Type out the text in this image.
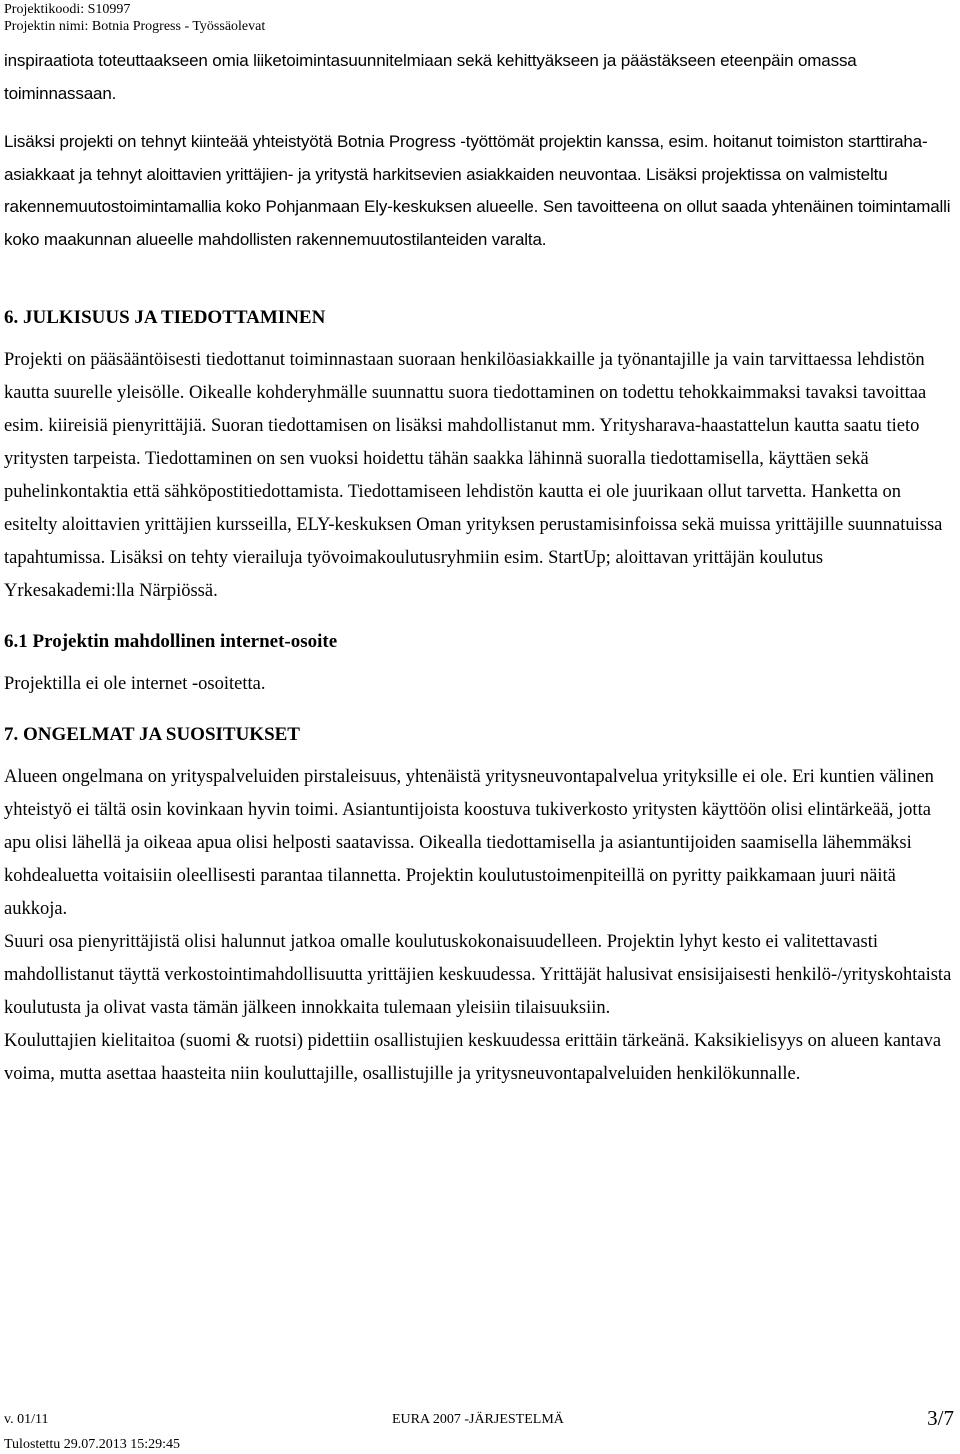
Projektikoodi: S10997
Projektin nimi: Botnia Progress - Työssäolevat

inspiraatiota toteuttaakseen omia liiketoimintasuunnitelmiaan sekä kehittyäkseen ja päästäkseen eteenpäin omassa toiminnassaan.

Lisäksi projekti on tehnyt kiinteää yhteistyötä Botnia Progress -työttömät projektin kanssa, esim. hoitanut toimiston starttiraha-asiakkaat ja tehnyt aloittavien yrittäjien- ja yritystä harkitsevien asiakkaiden neuvontaa. Lisäksi projektissa on valmisteltu rakennemuutostoimintamallia koko Pohjanmaan Ely-keskuksen alueelle. Sen tavoitteena on ollut saada yhtenäinen toimintamalli koko maakunnan alueelle mahdollisten rakennemuutostilanteiden varalta.

6. JULKISUUS JA TIEDOTTAMINEN

Projekti on pääsääntöisesti tiedottanut toiminnastaan suoraan henkilöasiakkaille ja työnantajille ja vain tarvittaessa lehdistön kautta suurelle yleisölle. Oikealle kohderyhmälle suunnattu suora tiedottaminen on todettu tehokkaimmaksi tavaksi tavoittaa esim. kiireisiä pienyrittäjiä. Suoran tiedottamisen on lisäksi mahdollistanut mm. Yritysharava-haastattelun kautta saatu tieto yritysten tarpeista. Tiedottaminen on sen vuoksi hoidettu tähän saakka lähinnä suoralla tiedottamisella, käyttäen sekä puhelinkontaktia että sähköpostitiedottamista. Tiedottamiseen lehdistön kautta ei ole juurikaan ollut tarvetta. Hanketta on esitelty aloittavien yrittäjien kursseilla, ELY-keskuksen Oman yrityksen perustamisinfoissa sekä muissa yrittäjille suunnatuissa tapahtumissa. Lisäksi on tehty vierailuja työvoimakoulutusryhmiin esim. StartUp; aloittavan yrittäjän koulutus Yrkesakademi:lla Närpiössä.

6.1 Projektin mahdollinen internet-osoite

Projektilla ei ole internet -osoitetta.

7. ONGELMAT JA SUOSITUKSET

Alueen ongelmana on yrityspalveluiden pirstaleisuus, yhtenäistä yritysneuvontapalvelua yrityksille ei ole. Eri kuntien välinen yhteistyö ei tältä osin kovinkaan hyvin toimi. Asiantuntijoista koostuva tukiverkosto yritysten käyttöön olisi elintärkeää, jotta apu olisi lähellä ja oikeaa apua olisi helposti saatavissa. Oikealla tiedottamisella ja asiantuntijoiden saamisella lähemmäksi kohdealuetta voitaisiin oleellisesti parantaa tilannetta. Projektin koulutustoimenpiteillä on pyritty paikkamaan juuri näitä aukkoja.

Suuri osa pienyrittäjistä olisi halunnut jatkoa omalle koulutuskokonaisuudelleen. Projektin lyhyt kesto ei valitettavasti mahdollistanut täyttä verkostointimahdollisuutta yrittäjien keskuudessa. Yrittäjät halusivat ensisijaisesti henkilö-/yrityskohtaista koulutusta ja olivat vasta tämän jälkeen innokkaita tulemaan yleisiin tilaisuuksiin.

Kouluttajien kielitaitoa (suomi & ruotsi) pidettiin osallistujien keskuudessa erittäin tärkeänä. Kaksikielisyys on alueen kantava voima, mutta asettaa haasteita niin kouluttajille, osallistujille ja yritysneuvontapalveluiden henkilökunnalle.

v. 01/11	EURA 2007 -JÄRJESTELMÄ	3/7
Tulostettu 29.07.2013 15:29:45
